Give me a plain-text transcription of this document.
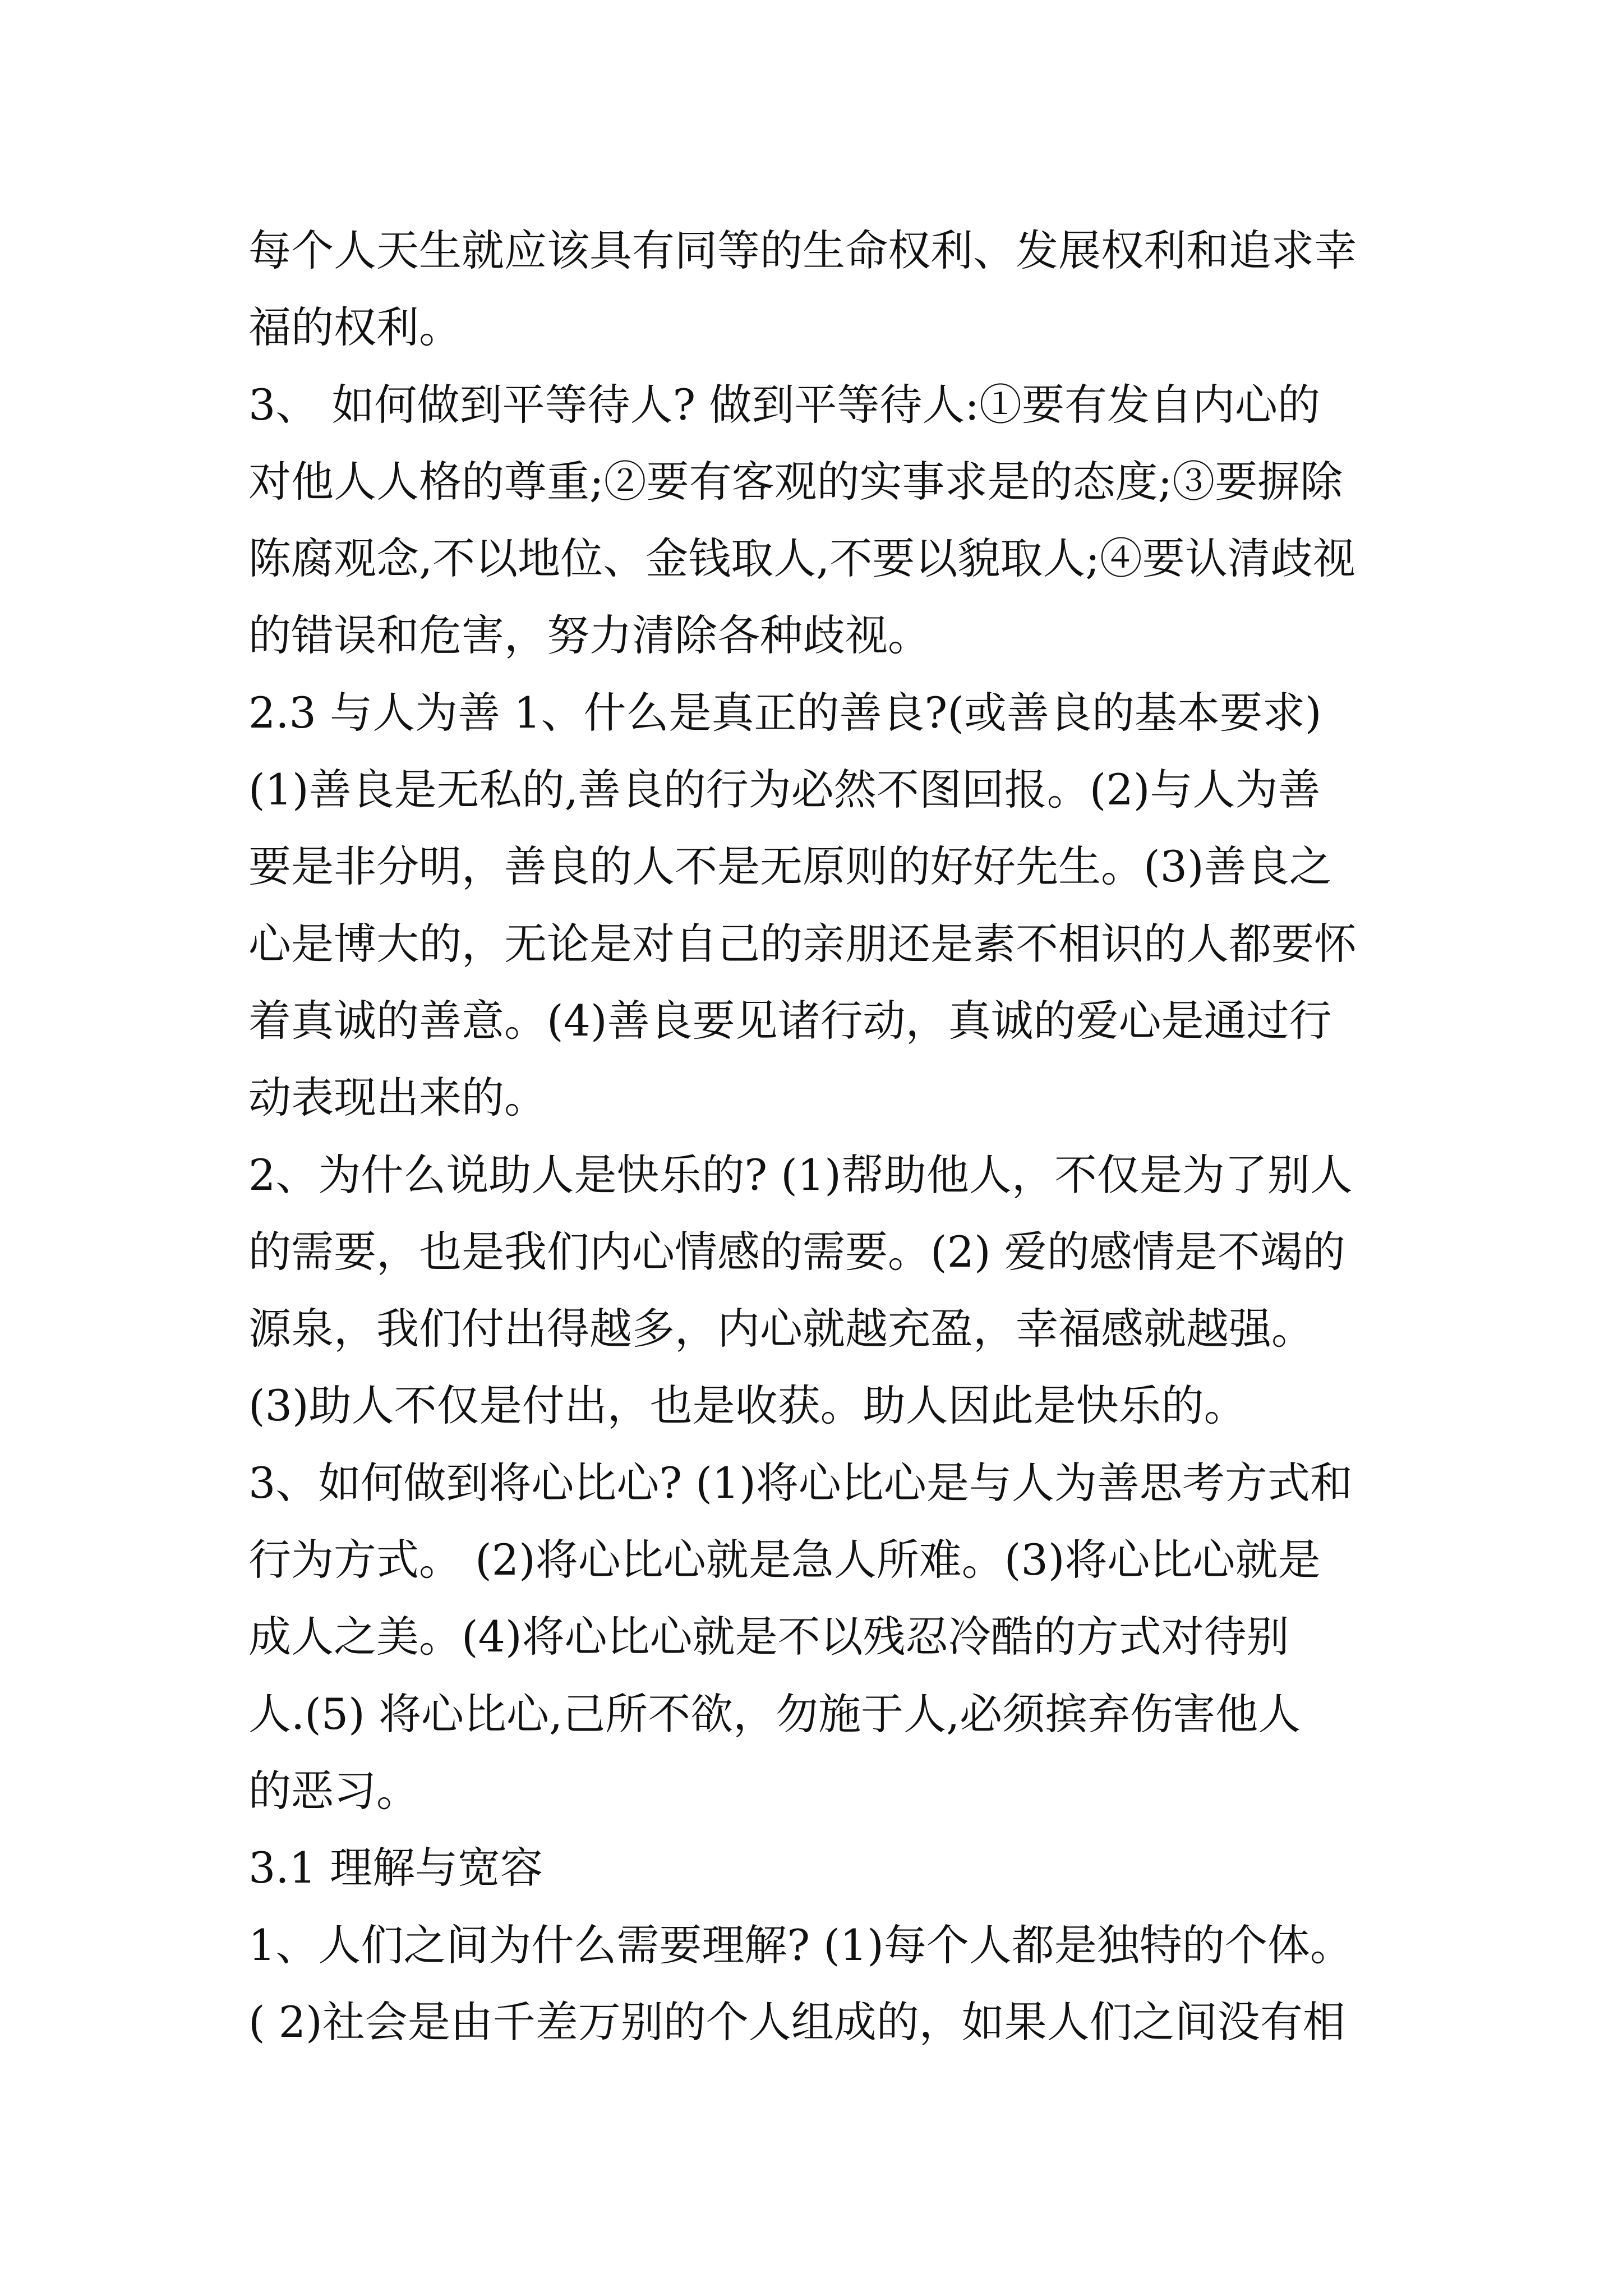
每个人天生就应该具有同等的生命权利、发展权利和追求幸
福的权利。
3、 如何做到平等待人? 做到平等待人:①要有发自内心的
对他人人格的尊重;②要有客观的实事求是的态度;③要摒除
陈腐观念,不以地位、金钱取人,不要以貌取人;④要认清歧视
的错误和危害，努力清除各种歧视。
2.3 与人为善 1、什么是真正的善良?(或善良的基本要求)
(1)善良是无私的,善良的行为必然不图回报。(2)与人为善
要是非分明，善良的人不是无原则的好好先生。(3)善良之
心是博大的，无论是对自己的亲朋还是素不相识的人都要怀
着真诚的善意。(4)善良要见诸行动，真诚的爱心是通过行
动表现出来的。
2、为什么说助人是快乐的? (1)帮助他人，不仅是为了别人
的需要，也是我们内心情感的需要。(2) 爱的感情是不竭的
源泉，我们付出得越多，内心就越充盈，幸福感就越强。
(3)助人不仅是付出，也是收获。助人因此是快乐的。
3、如何做到将心比心? (1)将心比心是与人为善思考方式和
行为方式。 (2)将心比心就是急人所难。(3)将心比心就是
成人之美。(4)将心比心就是不以残忍冷酷的方式对待别
人.(5) 将心比心,己所不欲，勿施于人,必须摈弃伤害他人
的恶习。
3.1 理解与宽容
1、人们之间为什么需要理解? (1)每个人都是独特的个体。
( 2)社会是由千差万别的个人组成的，如果人们之间没有相
